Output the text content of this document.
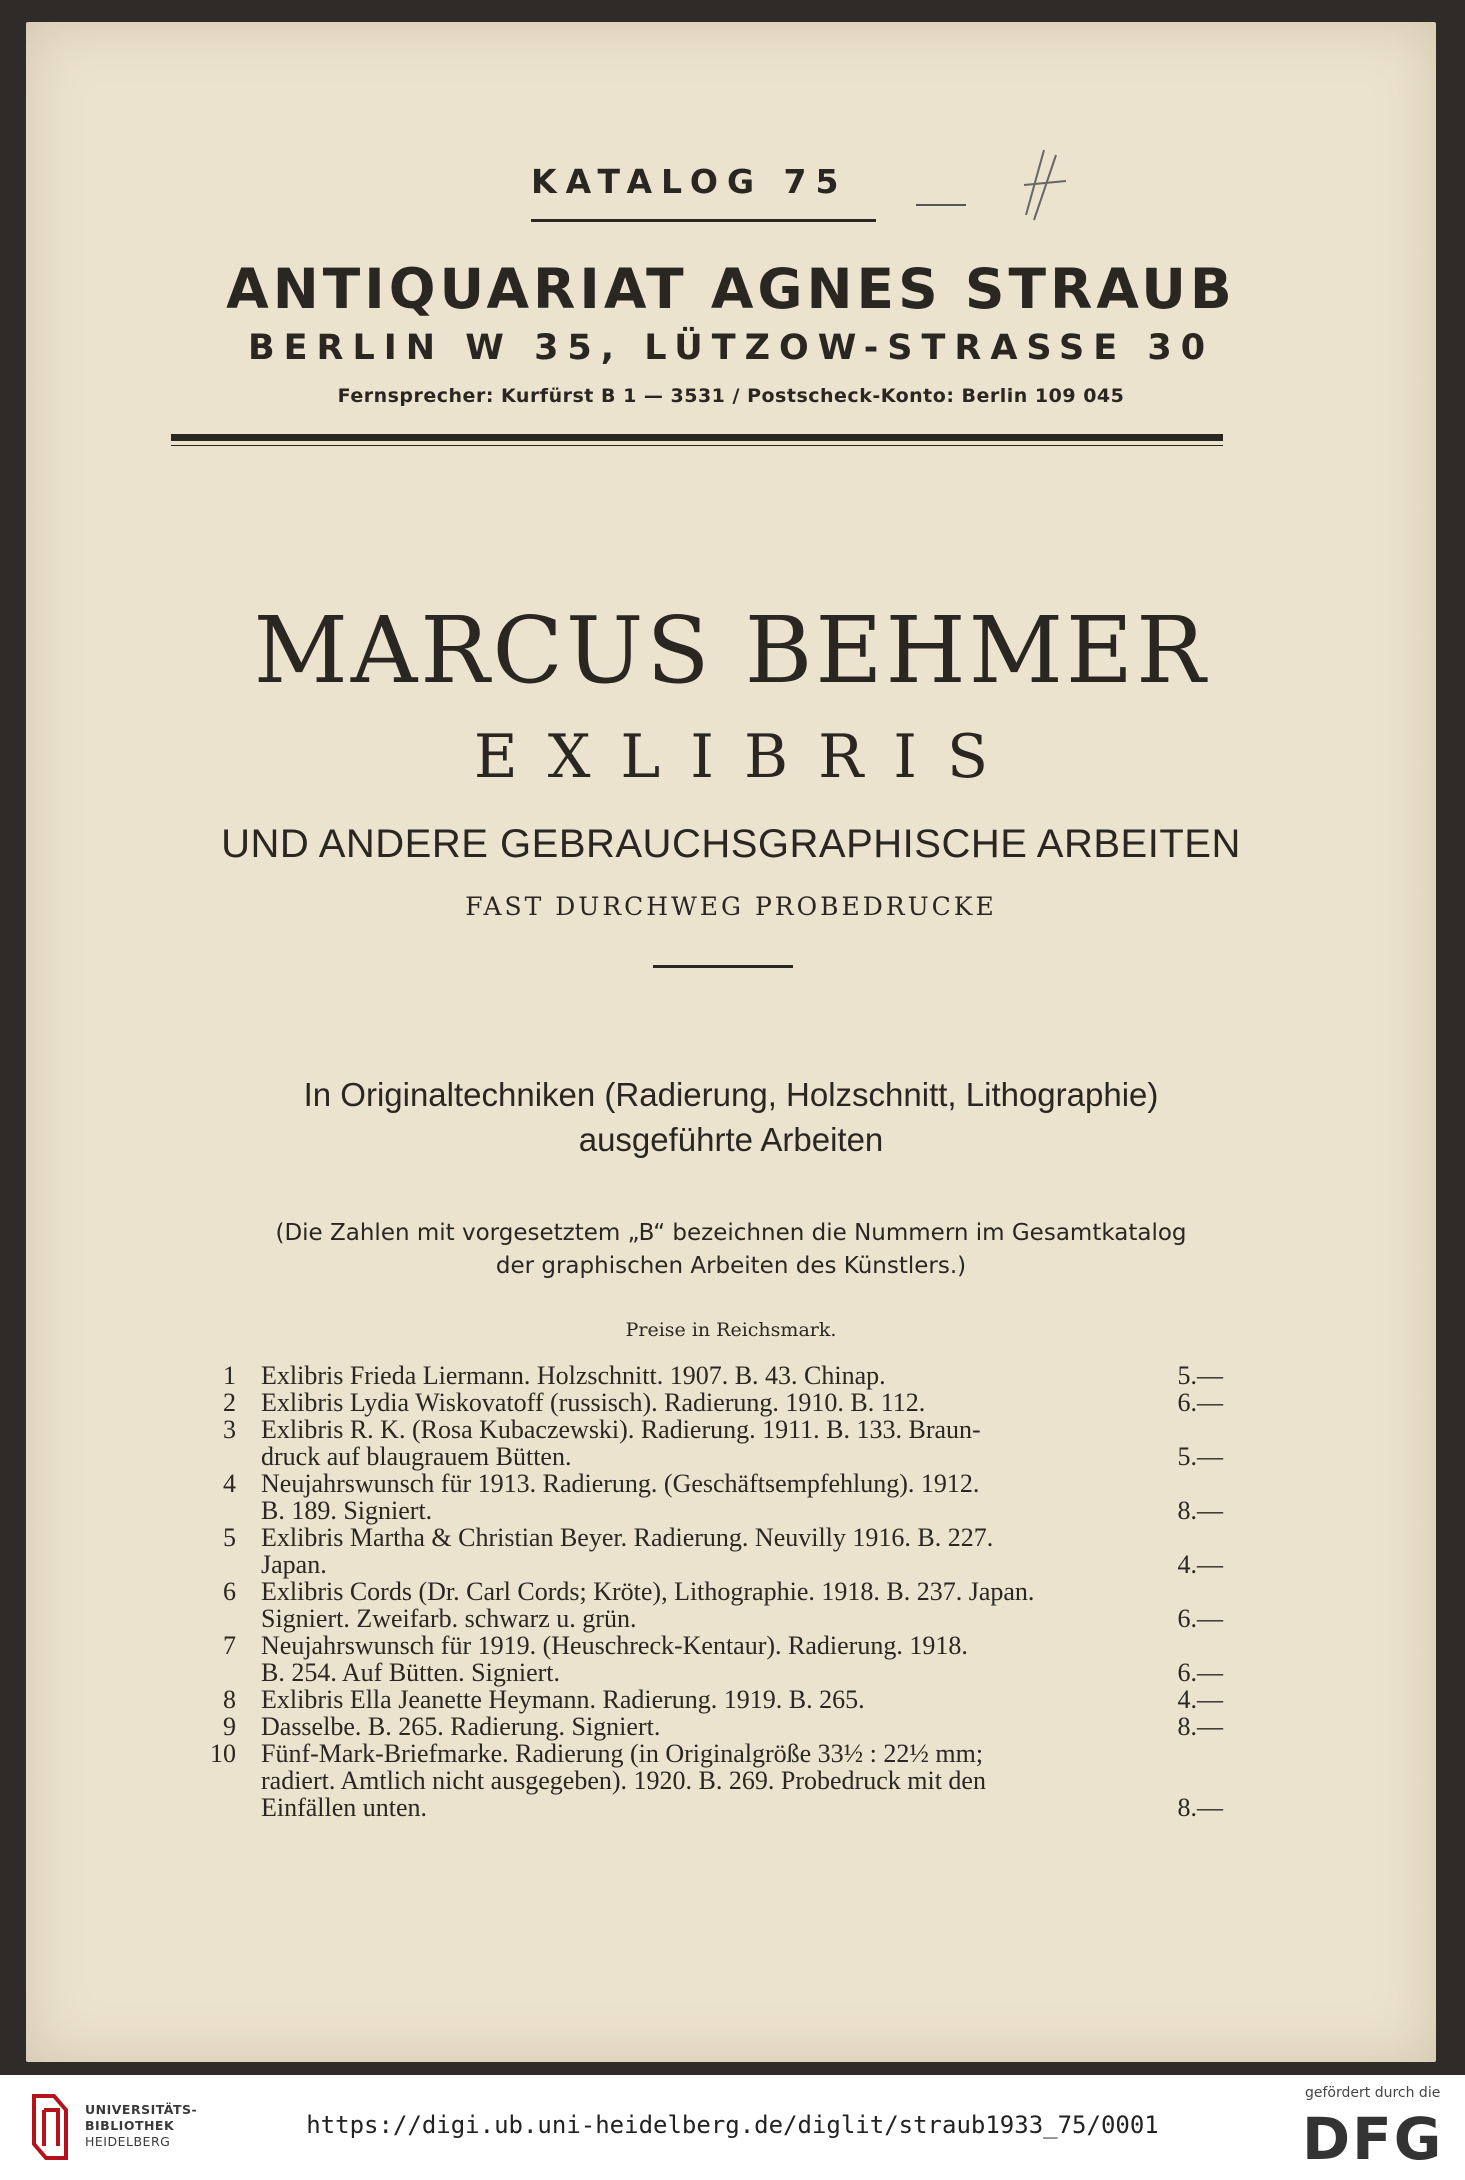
KATALOG 75
ANTIQUARIAT AGNES STRAUB
BERLIN W 35, LÜTZOW-STRASSE 30
Fernsprecher: Kurfürst B 1 — 3531 / Postscheck-Konto: Berlin 109 045
MARCUS BEHMER
EXLIBRIS
UND ANDERE GEBRAUCHSGRAPHISCHE ARBEITEN
FAST DURCHWEG PROBEDRUCKE
In Originaltechniken (Radierung, Holzschnitt, Lithographie)
ausgeführte Arbeiten
(Die Zahlen mit vorgesetztem „B“ bezeichnen die Nummern im Gesamtkatalog
der graphischen Arbeiten des Künstlers.)
Preise in Reichsmark.
1 Exlibris Frieda Liermann. Holzschnitt. 1907. B. 43. Chinap.	5.—
2 Exlibris Lydia Wiskovatoff (russisch). Radierung. 1910. B. 112.	6.—
3 Exlibris R. K. (Rosa Kubaczewski). Radierung. 1911. B. 133. Braun-
druck auf blaugrauem Bütten.	5.—
4 Neujahrswunsch für 1913. Radierung. (Geschäftsempfehlung). 1912.
B. 189. Signiert.	8.—
5 Exlibris Martha & Christian Beyer. Radierung. Neuvilly 1916. B. 227.
Japan.	4.—
6 Exlibris Cords (Dr. Carl Cords; Kröte), Lithographie. 1918. B. 237. Japan.
Signiert. Zweifarb. schwarz u. grün.	6.—
7 Neujahrswunsch für 1919. (Heuschreck-Kentaur). Radierung. 1918.
B. 254. Auf Bütten. Signiert.	6.—
8 Exlibris Ella Jeanette Heymann. Radierung. 1919. B. 265.	4.—
9 Dasselbe. B. 265. Radierung. Signiert.	8.—
10 Fünf-Mark-Briefmarke. Radierung (in Originalgröße 33½ : 22½ mm;
radiert. Amtlich nicht ausgegeben). 1920. B. 269. Probedruck mit den
Einfällen unten.	8.—
UNIVERSITÄTS-
BIBLIOTHEK
HEIDELBERG
https://digi.ub.uni-heidelberg.de/diglit/straub1933_75/0001
gefördert durch die
DFG
